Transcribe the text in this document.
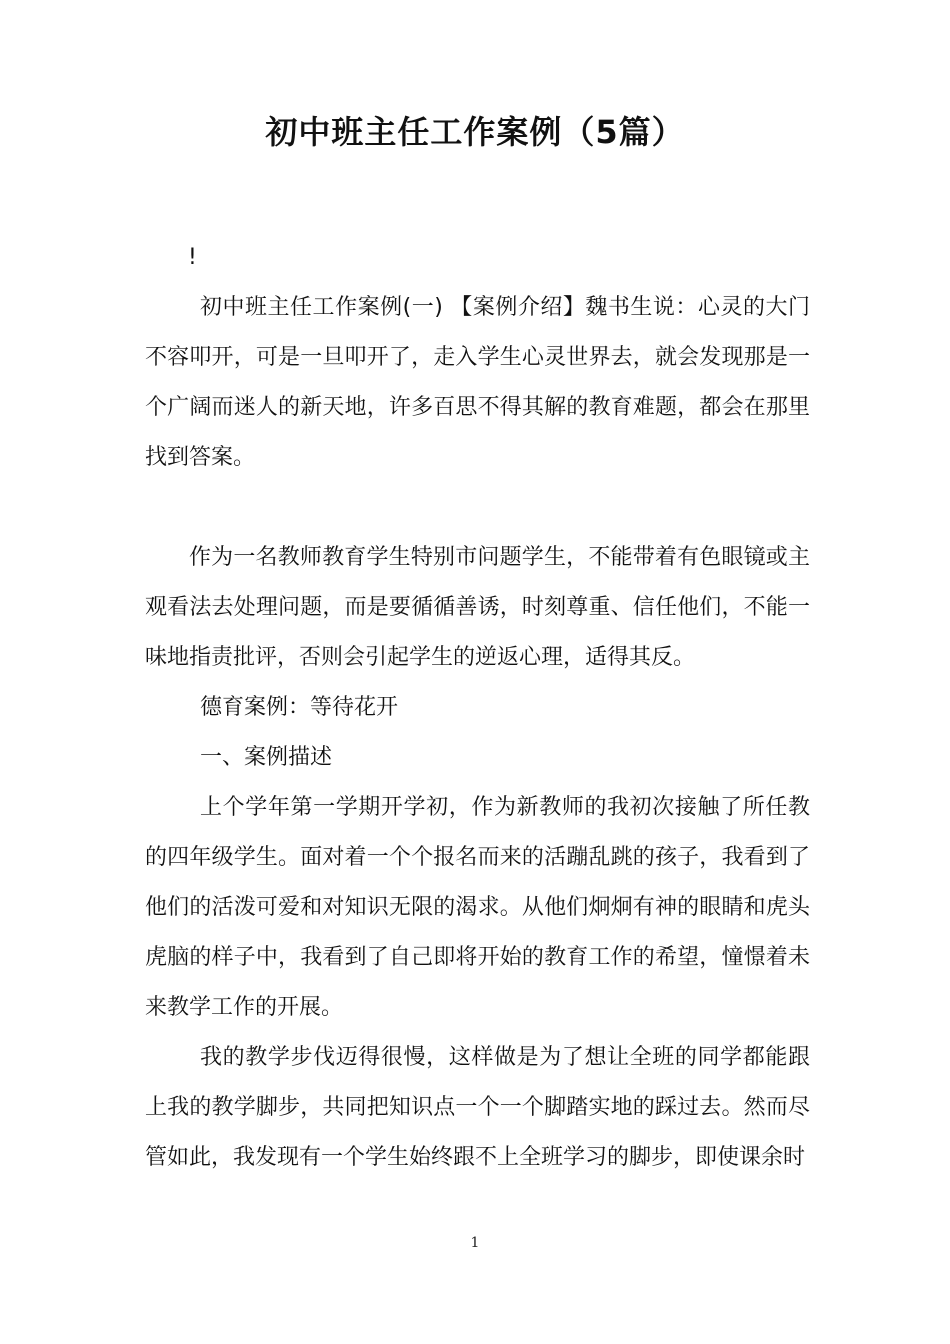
初中班主任工作案例（5篇）

!

初中班主任工作案例(一) 【案例介绍】魏书生说：心灵的大门不容叩开，可是一旦叩开了，走入学生心灵世界去，就会发现那是一个广阔而迷人的新天地，许多百思不得其解的教育难题，都会在那里找到答案。

作为一名教师教育学生特别市问题学生，不能带着有色眼镜或主观看法去处理问题，而是要循循善诱，时刻尊重、信任他们，不能一味地指责批评，否则会引起学生的逆返心理，适得其反。

德育案例：等待花开

一、案例描述

上个学年第一学期开学初，作为新教师的我初次接触了所任教的四年级学生。面对着一个个报名而来的活蹦乱跳的孩子，我看到了他们的活泼可爱和对知识无限的渴求。从他们炯炯有神的眼睛和虎头虎脑的样子中，我看到了自己即将开始的教育工作的希望，憧憬着未来教学工作的开展。

我的教学步伐迈得很慢，这样做是为了想让全班的同学都能跟上我的教学脚步，共同把知识点一个一个脚踏实地的踩过去。然而尽管如此，我发现有一个学生始终跟不上全班学习的脚步，即使课余时

1
